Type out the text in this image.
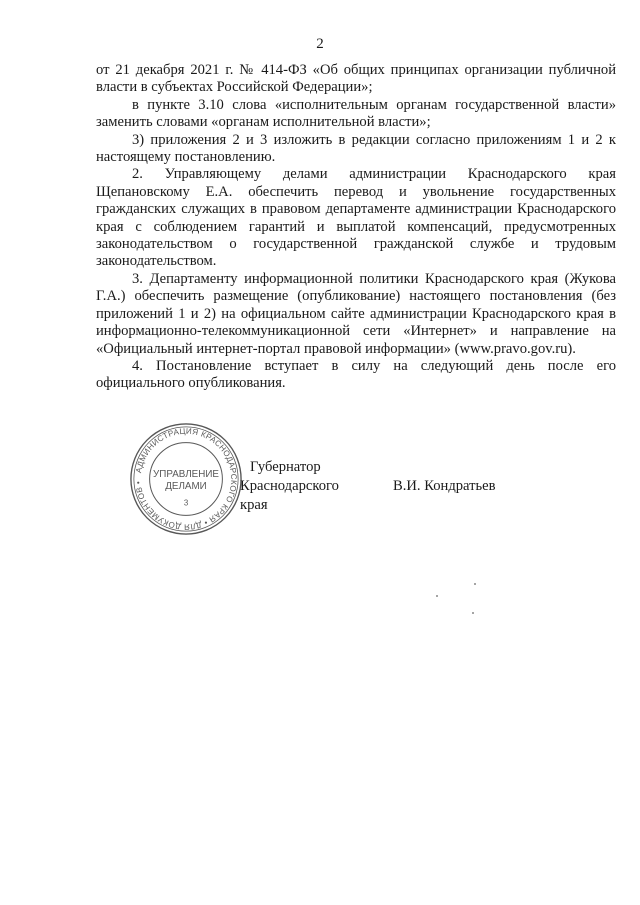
2

от 21 декабря 2021 г. № 414-ФЗ «Об общих принципах организации публичной власти в субъектах Российской Федерации»;

в пункте 3.10 слова «исполнительным органам государственной власти» заменить словами «органам исполнительной власти»;

3) приложения 2 и 3 изложить в редакции согласно приложениям 1 и 2 к настоящему постановлению.

2. Управляющему делами администрации Краснодарского края Щепановскому Е.А. обеспечить перевод и увольнение государственных гражданских служащих в правовом департаменте администрации Краснодарского края с соблюдением гарантий и выплатой компенсаций, предусмотренных законодательством о государственной гражданской службе и трудовым законодательством.

3. Департаменту информационной политики Краснодарского края (Жукова Г.А.) обеспечить размещение (опубликование) настоящего постановления (без приложений 1 и 2) на официальном сайте администрации Краснодарского края в информационно-телекоммуникационной сети «Интернет» и направление на «Официальный интернет-портал правовой информации» (www.pravo.gov.ru).

4. Постановление вступает в силу на следующий день после его официального опубликования.

АДМИНИСТРАЦИЯ КРАСНОДАРСКОГО КРАЯ • ДЛЯ ДОКУМЕНТОВ •
УПРАВЛЕНИЕ
ДЕЛАМИ
3
Губернатор
Краснодарского края
В.И. Кондратьев
